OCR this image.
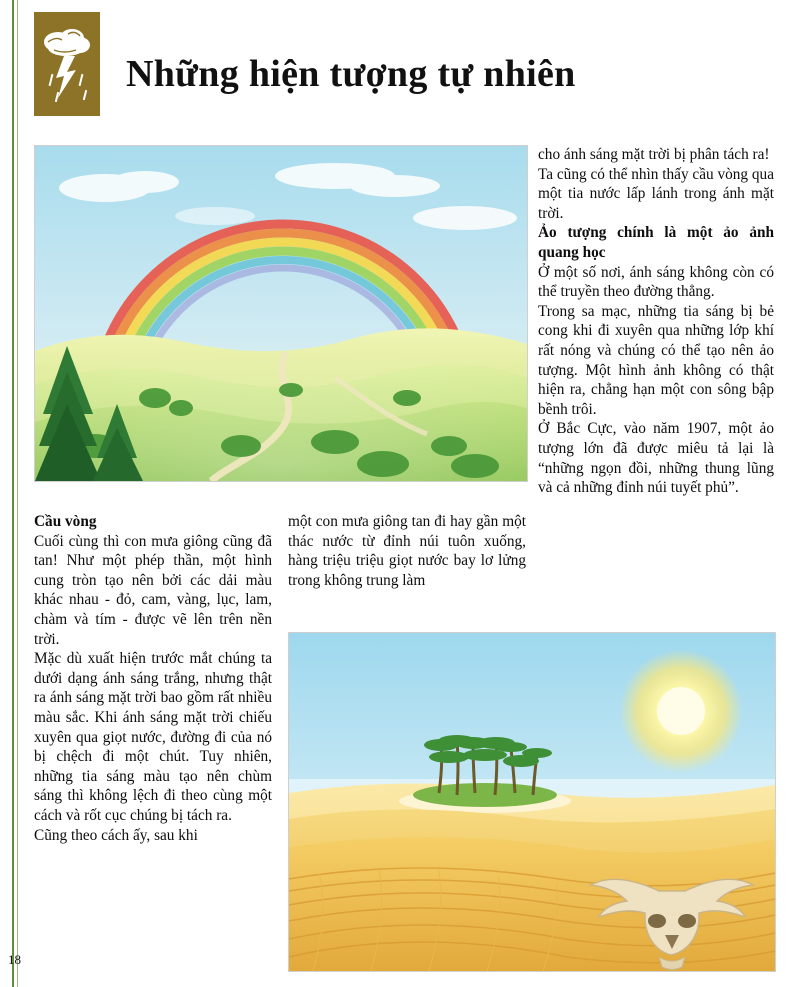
Những hiện tượng tự nhiên

cho ánh sáng mặt trời bị phân tách ra!

Ta cũng có thể nhìn thấy cầu vòng qua một tia nước lấp lánh trong ánh mặt trời.

Ảo tượng chính là một ảo ảnh quang học

Ở một số nơi, ánh sáng không còn có thể truyền theo đường thẳng.

Trong sa mạc, những tia sáng bị bẻ cong khi đi xuyên qua những lớp khí rất nóng và chúng có thể tạo nên ảo tượng. Một hình ảnh không có thật hiện ra, chẳng hạn một con sông bập bềnh trôi.

Ở Bắc Cực, vào năm 1907, một ảo tượng lớn đã được miêu tả lại là “những ngọn đồi, những thung lũng và cả những đỉnh núi tuyết phủ”.

Cầu vòng

Cuối cùng thì con mưa giông cũng đã tan! Như một phép thần, một hình cung tròn tạo nên bởi các dải màu khác nhau - đỏ, cam, vàng, lục, lam, chàm và tím - được vẽ lên trên nền trời.

Mặc dù xuất hiện trước mắt chúng ta dưới dạng ánh sáng trắng, nhưng thật ra ánh sáng mặt trời bao gồm rất nhiều màu sắc. Khi ánh sáng mặt trời chiếu xuyên qua giọt nước, đường đi của nó bị chệch đi một chút. Tuy nhiên, những tia sáng màu tạo nên chùm sáng thì không lệch đi theo cùng một cách và rốt cục chúng bị tách ra.

Cũng theo cách ấy, sau khi

một con mưa giông tan đi hay gần một thác nước từ đỉnh núi tuôn xuống, hàng triệu triệu giọt nước bay lơ lửng trong không trung làm

18
